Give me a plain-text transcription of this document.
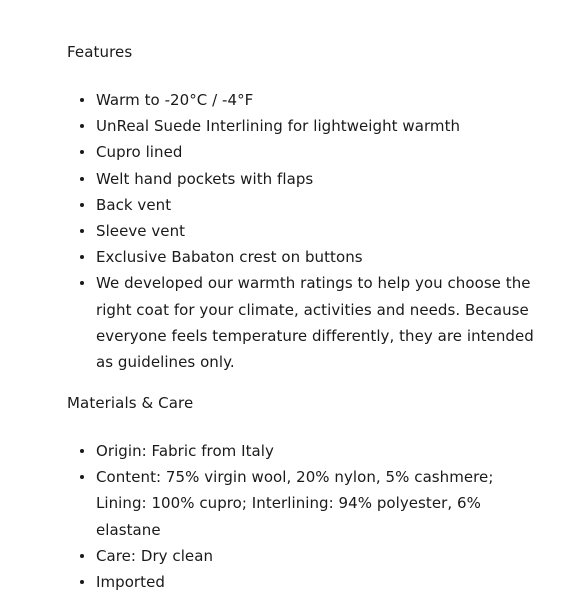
Features
Warm to -20°C / -4°F
UnReal Suede Interlining for lightweight warmth
Cupro lined
Welt hand pockets with flaps
Back vent
Sleeve vent
Exclusive Babaton crest on buttons
We developed our warmth ratings to help you choose the right coat for your climate, activities and needs. Because everyone feels temperature differently, they are intended as guidelines only.
Materials & Care
Origin: Fabric from Italy
Content: 75% virgin wool, 20% nylon, 5% cashmere; Lining: 100% cupro; Interlining: 94% polyester, 6% elastane
Care: Dry clean
Imported
